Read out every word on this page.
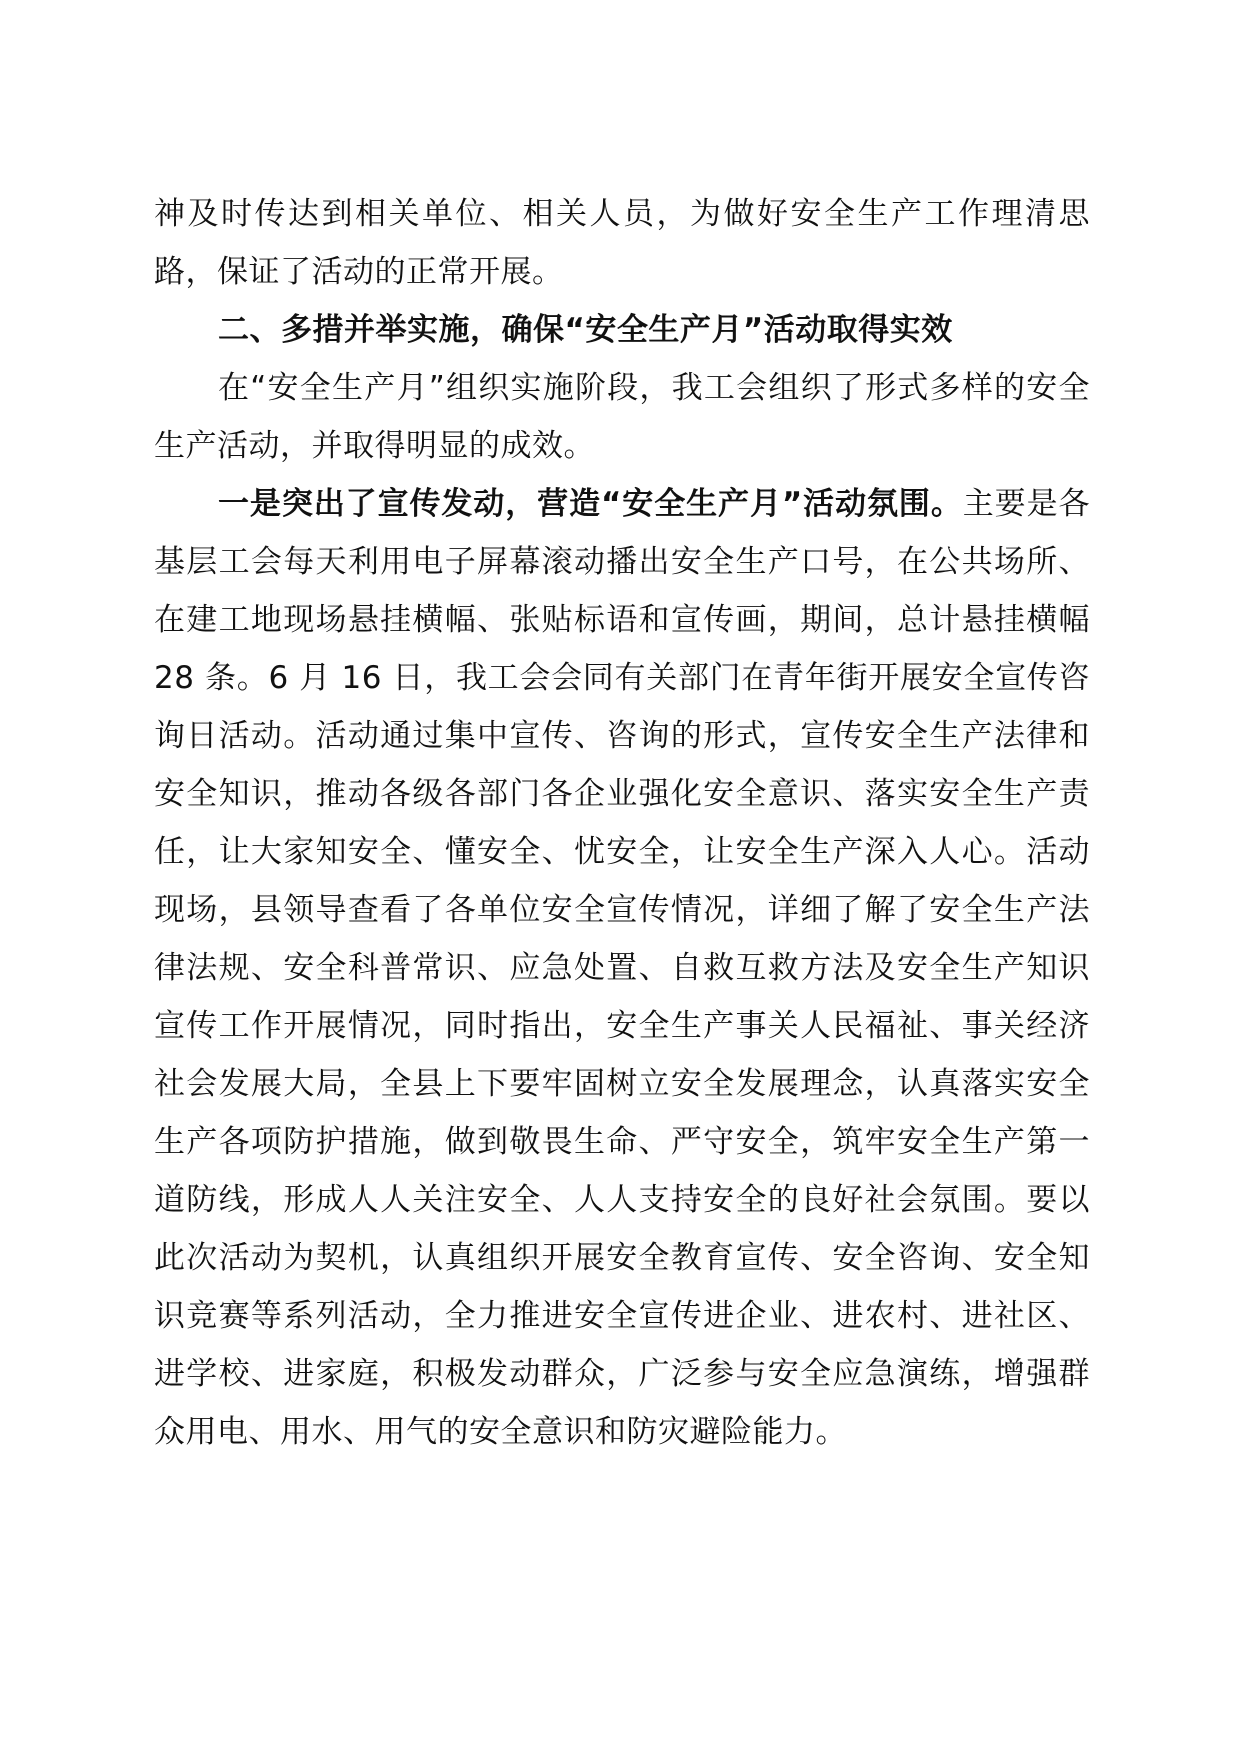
神及时传达到相关单位、相关人员，为做好安全生产工作理清思路，保证了活动的正常开展。

二、多措并举实施，确保“安全生产月”活动取得实效

在“安全生产月”组织实施阶段，我工会组织了形式多样的安全生产活动，并取得明显的成效。

一是突出了宣传发动，营造“安全生产月”活动氛围。主要是各基层工会每天利用电子屏幕滚动播出安全生产口号，在公共场所、在建工地现场悬挂横幅、张贴标语和宣传画，期间，总计悬挂横幅 28 条。6 月 16 日，我工会会同有关部门在青年街开展安全宣传咨询日活动。活动通过集中宣传、咨询的形式，宣传安全生产法律和安全知识，推动各级各部门各企业强化安全意识、落实安全生产责任，让大家知安全、懂安全、忧安全，让安全生产深入人心。活动现场，县领导查看了各单位安全宣传情况，详细了解了安全生产法律法规、安全科普常识、应急处置、自救互救方法及安全生产知识宣传工作开展情况，同时指出，安全生产事关人民福祉、事关经济社会发展大局，全县上下要牢固树立安全发展理念，认真落实安全生产各项防护措施，做到敬畏生命、严守安全，筑牢安全生产第一道防线，形成人人关注安全、人人支持安全的良好社会氛围。要以此次活动为契机，认真组织开展安全教育宣传、安全咨询、安全知识竞赛等系列活动，全力推进安全宣传进企业、进农村、进社区、进学校、进家庭，积极发动群众，广泛参与安全应急演练，增强群众用电、用水、用气的安全意识和防灾避险能力。
